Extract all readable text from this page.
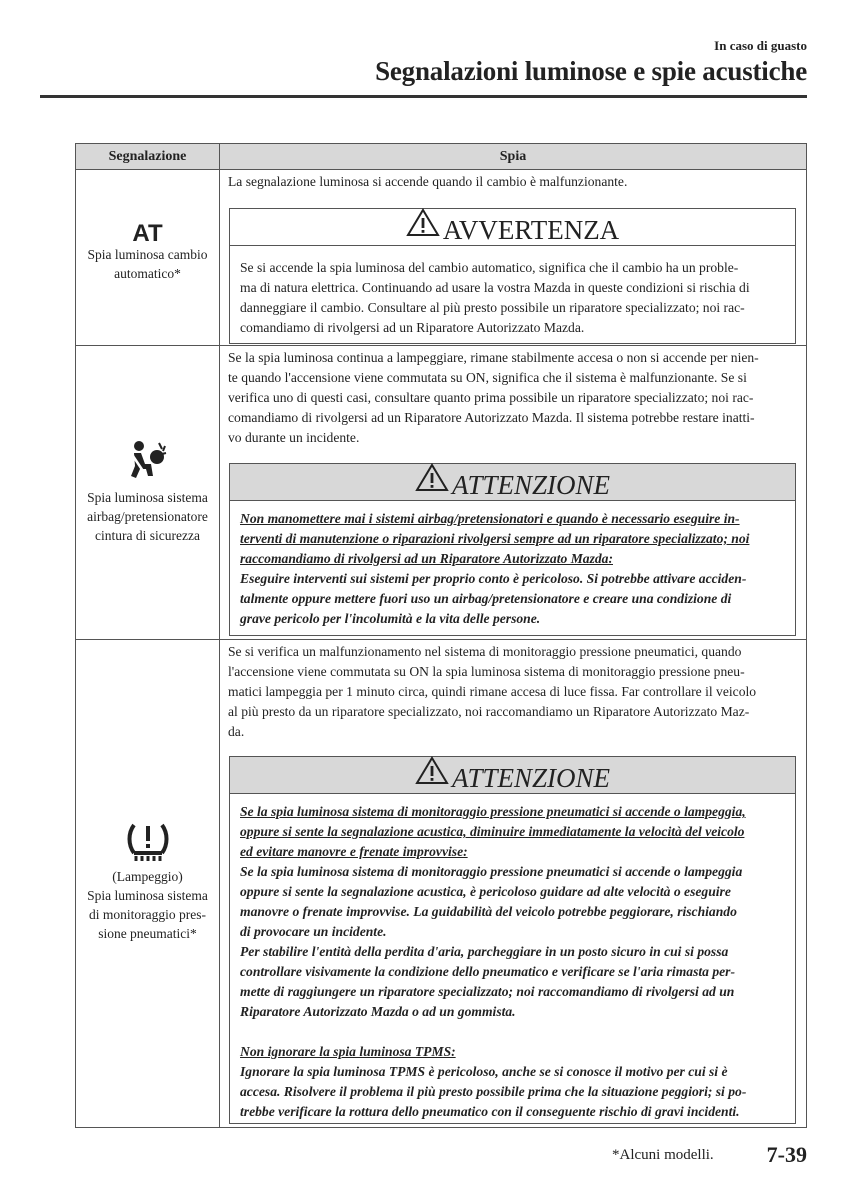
In caso di guasto
Segnalazioni luminose e spie acustiche
Segnalazione	Spia
AT
Spia luminosa cambio automatico*
La segnalazione luminosa si accende quando il cambio è malfunzionante.
AVVERTENZA

Se si accende la spia luminosa del cambio automatico, significa che il cambio ha un proble-

ma di natura elettrica. Continuando ad usare la vostra Mazda in queste condizioni si rischia di

danneggiare il cambio. Consultare al più presto possibile un riparatore specializzato; noi rac-

comandiamo di rivolgersi ad un Riparatore Autorizzato Mazda.

Spia luminosa sistema airbag/pretensionatore cintura di sicurezza
Se la spia luminosa continua a lampeggiare, rimane stabilmente accesa o non si accende per nien-
te quando l'accensione viene commutata su ON, significa che il sistema è malfunzionante. Se si
verifica uno di questi casi, consultare quanto prima possibile un riparatore specializzato; noi rac-
comandiamo di rivolgersi ad un Riparatore Autorizzato Mazda. Il sistema potrebbe restare inatti-
vo durante un incidente.
ATTENZIONE

Non manomettere mai i sistemi airbag/pretensionatori e quando è necessario eseguire in-

terventi di manutenzione o riparazioni rivolgersi sempre ad un riparatore specializzato; noi

raccomandiamo di rivolgersi ad un Riparatore Autorizzato Mazda:

Eseguire interventi sui sistemi per proprio conto è pericoloso. Si potrebbe attivare acciden-

talmente oppure mettere fuori uso un airbag/pretensionatore e creare una condizione di

grave pericolo per l'incolumità e la vita delle persone.

(Lampeggio)
Spia luminosa sistema
di monitoraggio pres-
sione pneumatici*
Se si verifica un malfunzionamento nel sistema di monitoraggio pressione pneumatici, quando
l'accensione viene commutata su ON la spia luminosa sistema di monitoraggio pressione pneu-
matici lampeggia per 1 minuto circa, quindi rimane accesa di luce fissa. Far controllare il veicolo
al più presto da un riparatore specializzato, noi raccomandiamo un Riparatore Autorizzato Maz-
da.
ATTENZIONE

Se la spia luminosa sistema di monitoraggio pressione pneumatici si accende o lampeggia,

oppure si sente la segnalazione acustica, diminuire immediatamente la velocità del veicolo

ed evitare manovre e frenate improvvise:

Se la spia luminosa sistema di monitoraggio pressione pneumatici si accende o lampeggia

oppure si sente la segnalazione acustica, è pericoloso guidare ad alte velocità o eseguire

manovre o frenate improvvise. La guidabilità del veicolo potrebbe peggiorare, rischiando

di provocare un incidente.

Per stabilire l'entità della perdita d'aria, parcheggiare in un posto sicuro in cui si possa

controllare visivamente la condizione dello pneumatico e verificare se l'aria rimasta per-

mette di raggiungere un riparatore specializzato; noi raccomandiamo di rivolgersi ad un

Riparatore Autorizzato Mazda o ad un gommista.

Non ignorare la spia luminosa TPMS:

Ignorare la spia luminosa TPMS è pericoloso, anche se si conosce il motivo per cui si è

accesa. Risolvere il problema il più presto possibile prima che la situazione peggiori; si po-

trebbe verificare la rottura dello pneumatico con il conseguente rischio di gravi incidenti.

*Alcuni modelli. 7-39
